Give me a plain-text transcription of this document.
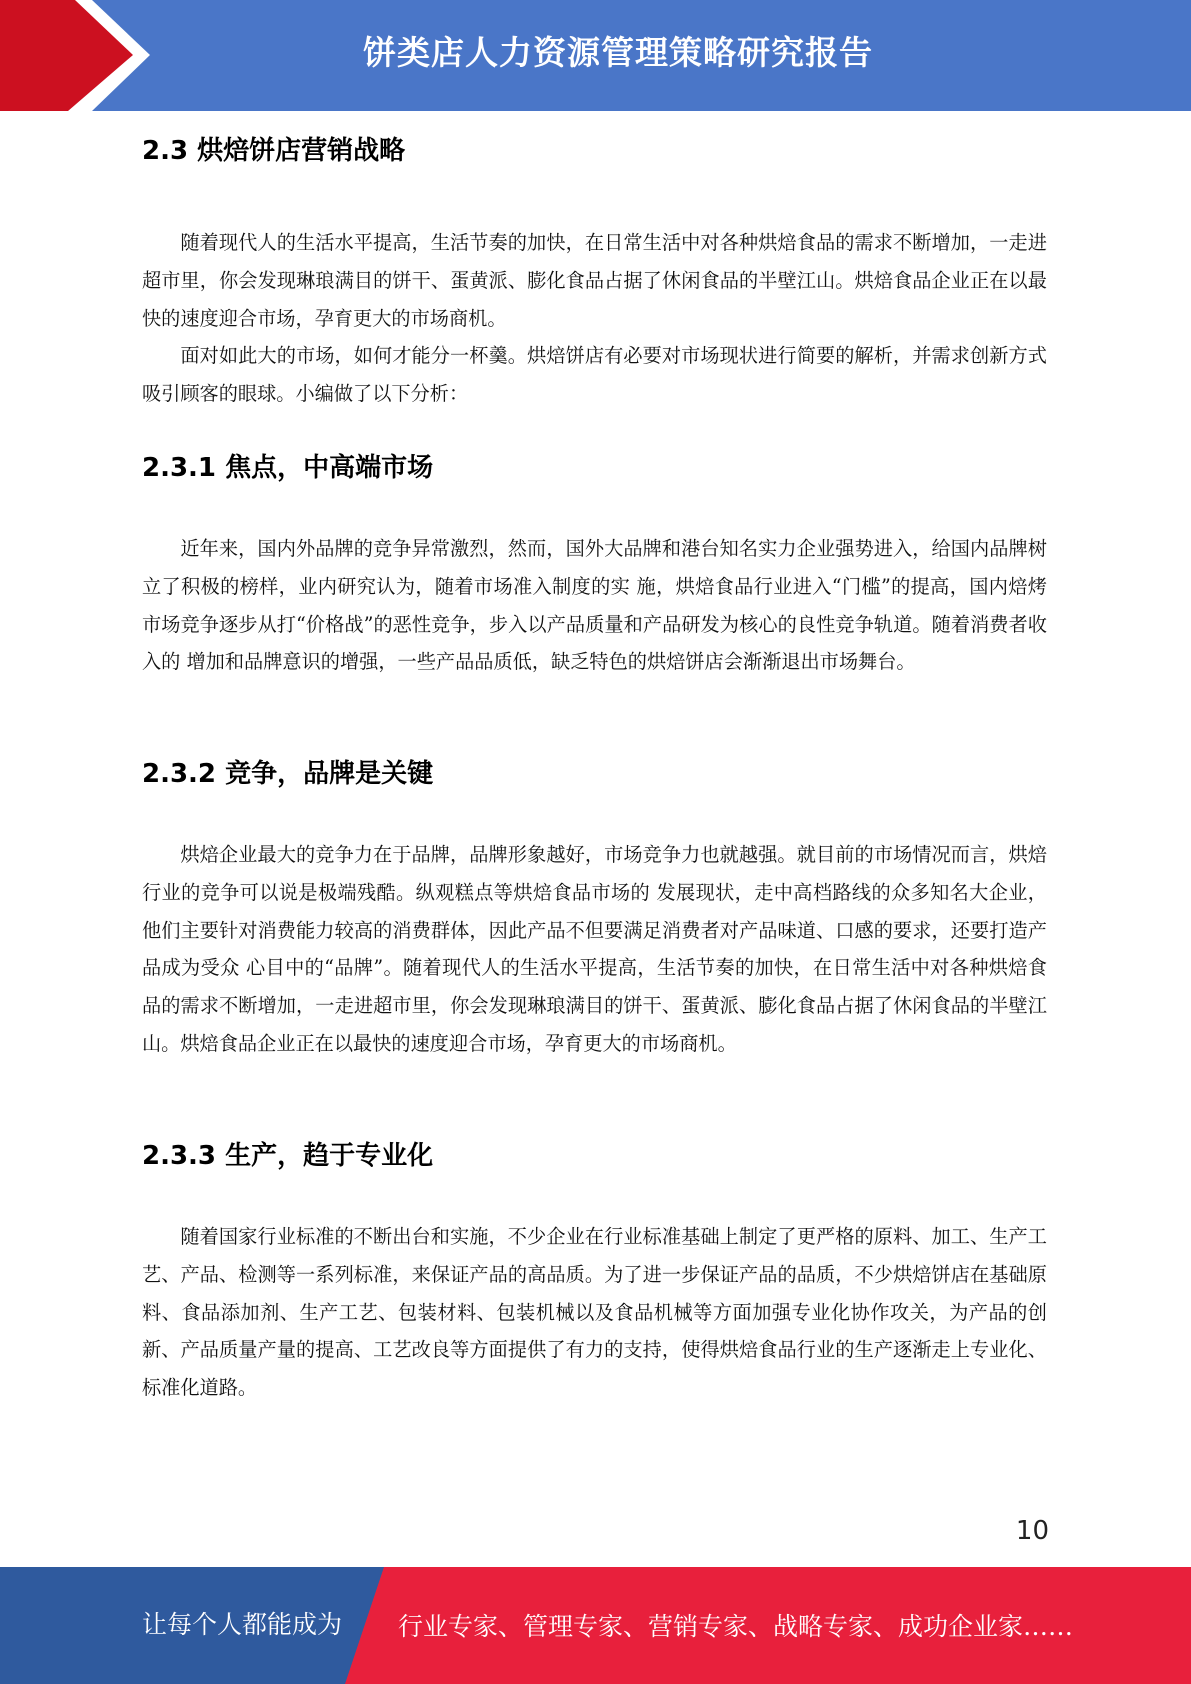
饼类店人力资源管理策略研究报告
2.3 烘焙饼店营销战略

随着现代人的生活水平提高，生活节奏的加快，在日常生活中对各种烘焙食品的需求不断增加，一走进超市里，你会发现琳琅满目的饼干、蛋黄派、膨化食品占据了休闲食品的半壁江山。烘焙食品企业正在以最快的速度迎合市场，孕育更大的市场商机。

面对如此大的市场，如何才能分一杯羹。烘焙饼店有必要对市场现状进行简要的解析，并需求创新方式吸引顾客的眼球。小编做了以下分析：

2.3.1 焦点，中高端市场

近年来，国内外品牌的竞争异常激烈，然而，国外大品牌和港台知名实力企业强势进入，给国内品牌树立了积极的榜样，业内研究认为，随着市场准入制度的实 施，烘焙食品行业进入“门槛”的提高，国内焙烤市场竞争逐步从打“价格战”的恶性竞争，步入以产品质量和产品研发为核心的良性竞争轨道。随着消费者收入的 增加和品牌意识的增强，一些产品品质低，缺乏特色的烘焙饼店会渐渐退出市场舞台。

2.3.2 竞争，品牌是关键

烘焙企业最大的竞争力在于品牌，品牌形象越好，市场竞争力也就越强。就目前的市场情况而言，烘焙行业的竞争可以说是极端残酷。纵观糕点等烘焙食品市场的 发展现状，走中高档路线的众多知名大企业，他们主要针对消费能力较高的消费群体，因此产品不但要满足消费者对产品味道、口感的要求，还要打造产品成为受众 心目中的“品牌”。随着现代人的生活水平提高，生活节奏的加快，在日常生活中对各种烘焙食品的需求不断增加，一走进超市里，你会发现琳琅满目的饼干、蛋黄派、膨化食品占据了休闲食品的半壁江山。烘焙食品企业正在以最快的速度迎合市场，孕育更大的市场商机。

2.3.3 生产，趋于专业化

随着国家行业标准的不断出台和实施，不少企业在行业标准基础上制定了更严格的原料、加工、生产工艺、产品、检测等一系列标准，来保证产品的高品质。为了进一步保证产品的品质，不少烘焙饼店在基础原料、食品添加剂、生产工艺、包装材料、包装机械以及食品机械等方面加强专业化协作攻关，为产品的创新、产品质量产量的提高、工艺改良等方面提供了有力的支持，使得烘焙食品行业的生产逐渐走上专业化、标准化道路。

10
让每个人都能成为 行业专家、管理专家、营销专家、战略专家、成功企业家……
